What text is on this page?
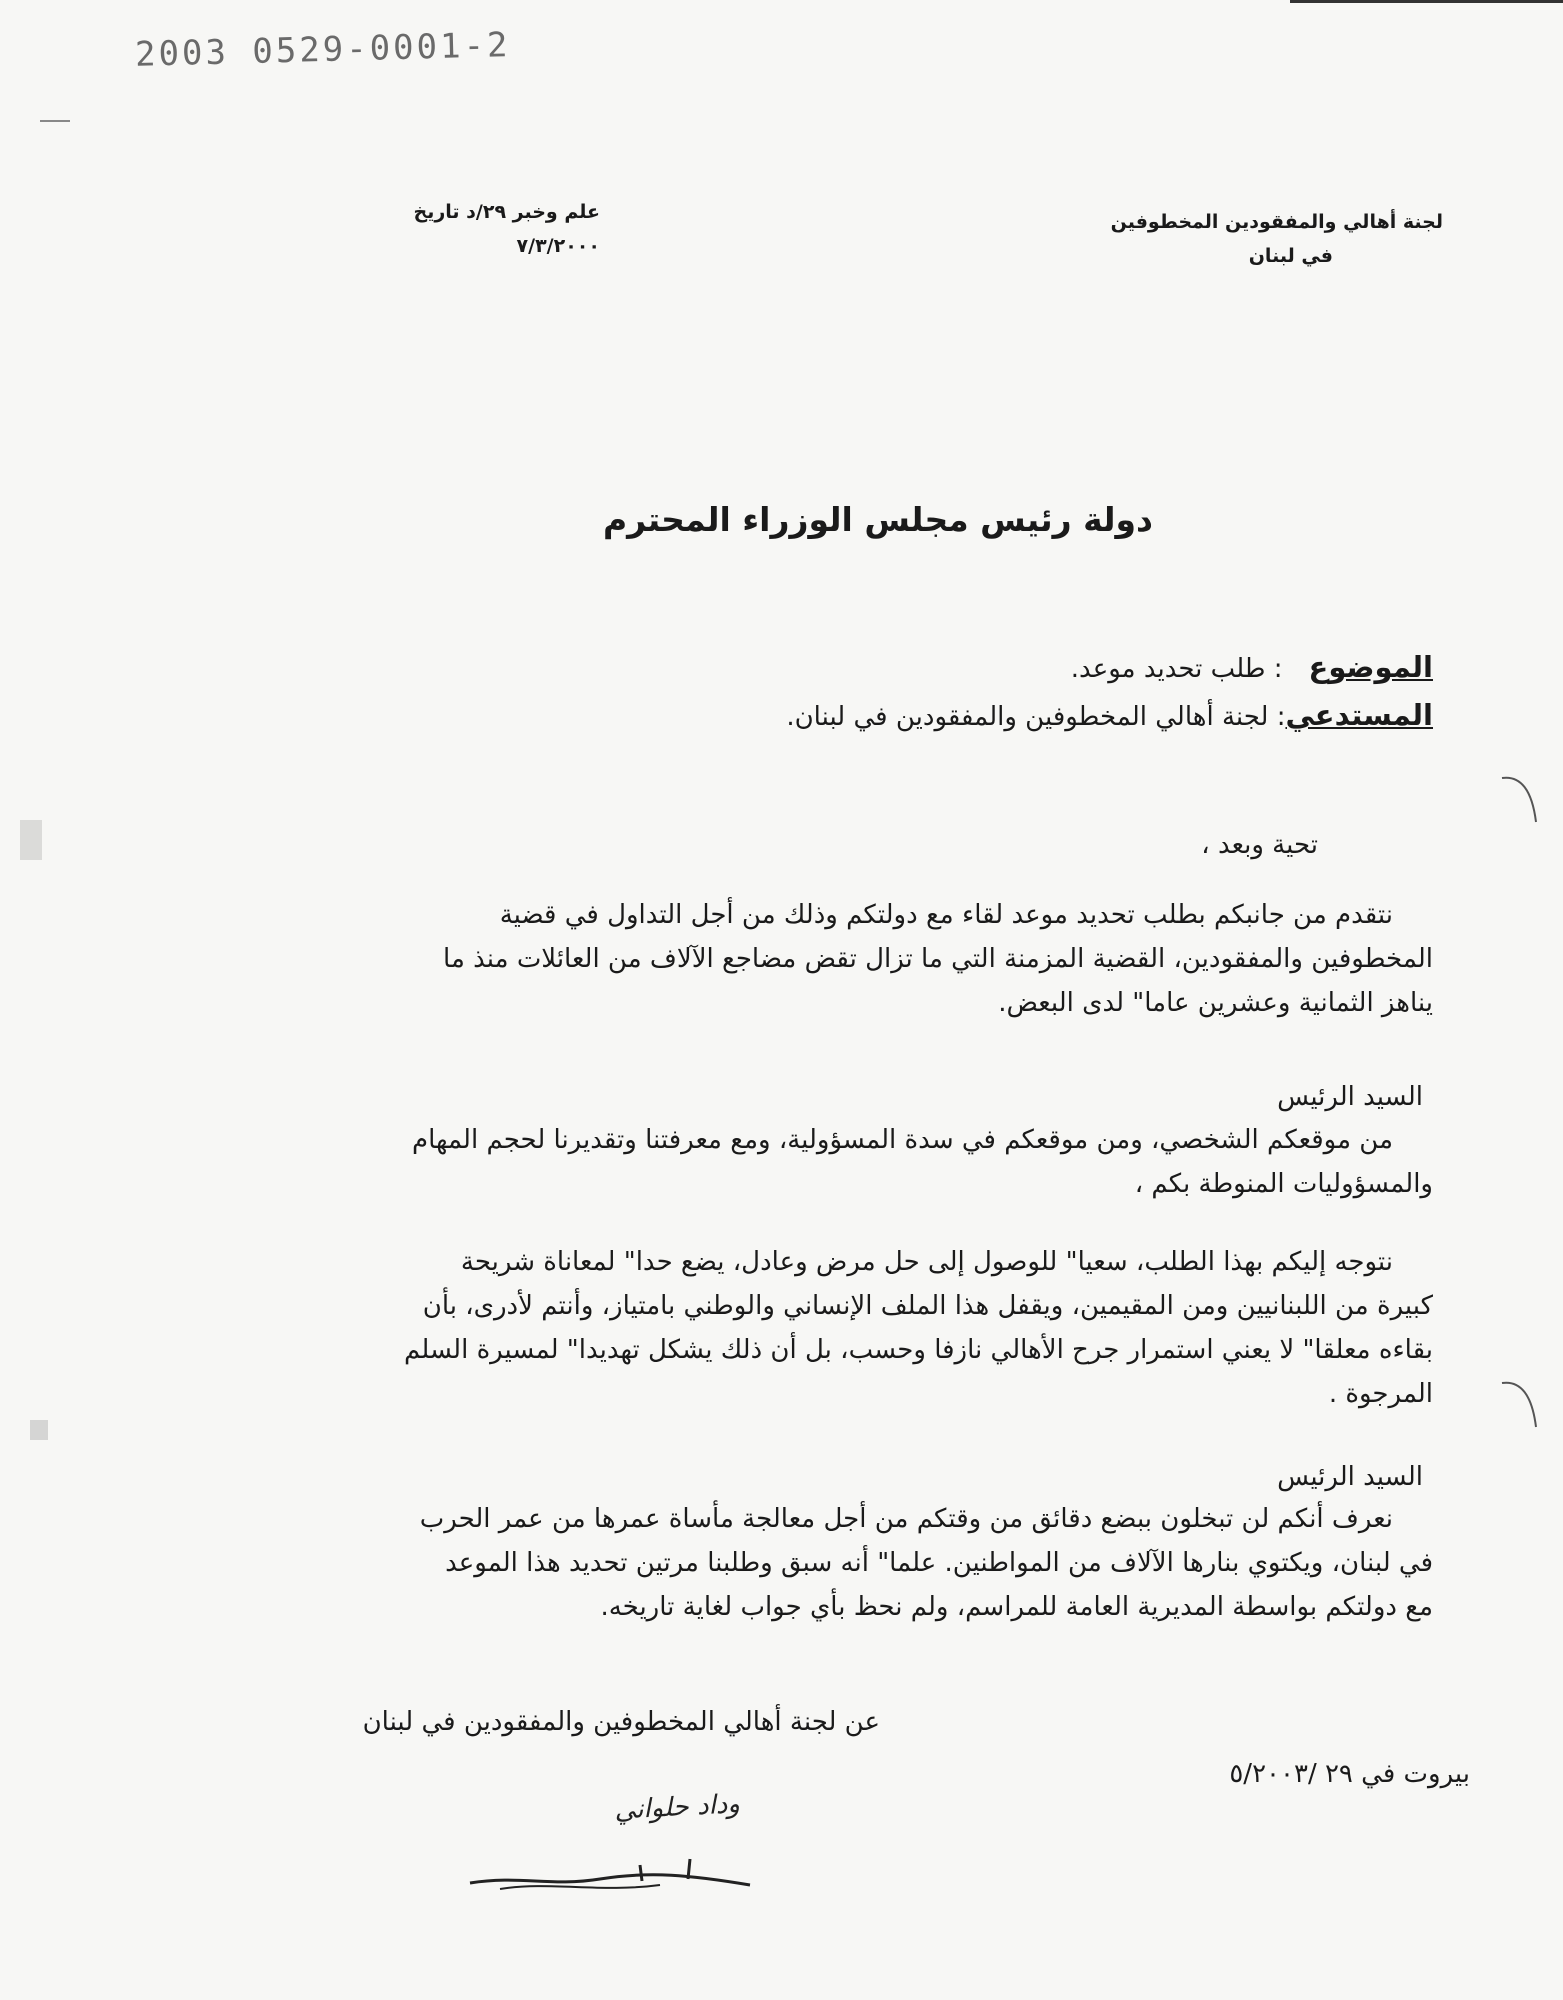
2003 0529-0001-2
لجنة أهالي والمفقودين المخطوفين
في لبنان
علم وخبر ٢٩/د تاريخ ٧/٣/٢٠٠٠
دولة رئيس مجلس الوزراء المحترم
الموضوع: طلب تحديد موعد.
المستدعي: لجنة أهالي المخطوفين والمفقودين في لبنان.
تحية وبعد ،

نتقدم من جانبكم بطلب تحديد موعد لقاء مع دولتكم وذلك من أجل التداول في قضية

المخطوفين والمفقودين، القضية المزمنة التي ما تزال تقض مضاجع الآلاف من العائلات منذ ما

يناهز الثمانية وعشرين عاما" لدى البعض.

السيد الرئيس

من موقعكم الشخصي، ومن موقعكم في سدة المسؤولية، ومع معرفتنا وتقديرنا لحجم المهام

والمسؤوليات المنوطة بكم ،

نتوجه إليكم بهذا الطلب، سعيا" للوصول إلى حل مرض وعادل، يضع حدا" لمعاناة شريحة

كبيرة من اللبنانيين ومن المقيمين، ويقفل هذا الملف الإنساني والوطني بامتياز، وأنتم لأدرى، بأن

بقاءه معلقا" لا يعني استمرار جرح الأهالي نازفا وحسب، بل أن ذلك يشكل تهديدا" لمسيرة السلم

المرجوة .

السيد الرئيس

نعرف أنكم لن تبخلون ببضع دقائق من وقتكم من أجل معالجة مأساة عمرها من عمر الحرب

في لبنان، ويكتوي بنارها الآلاف من المواطنين. علما" أنه سبق وطلبنا مرتين تحديد هذا الموعد

مع دولتكم بواسطة المديرية العامة للمراسم، ولم نحظ بأي جواب لغاية تاريخه.

عن لجنة أهالي المخطوفين والمفقودين في لبنان
وداد حلواني
بيروت في ٢٩ /٥/٢٠٠٣
